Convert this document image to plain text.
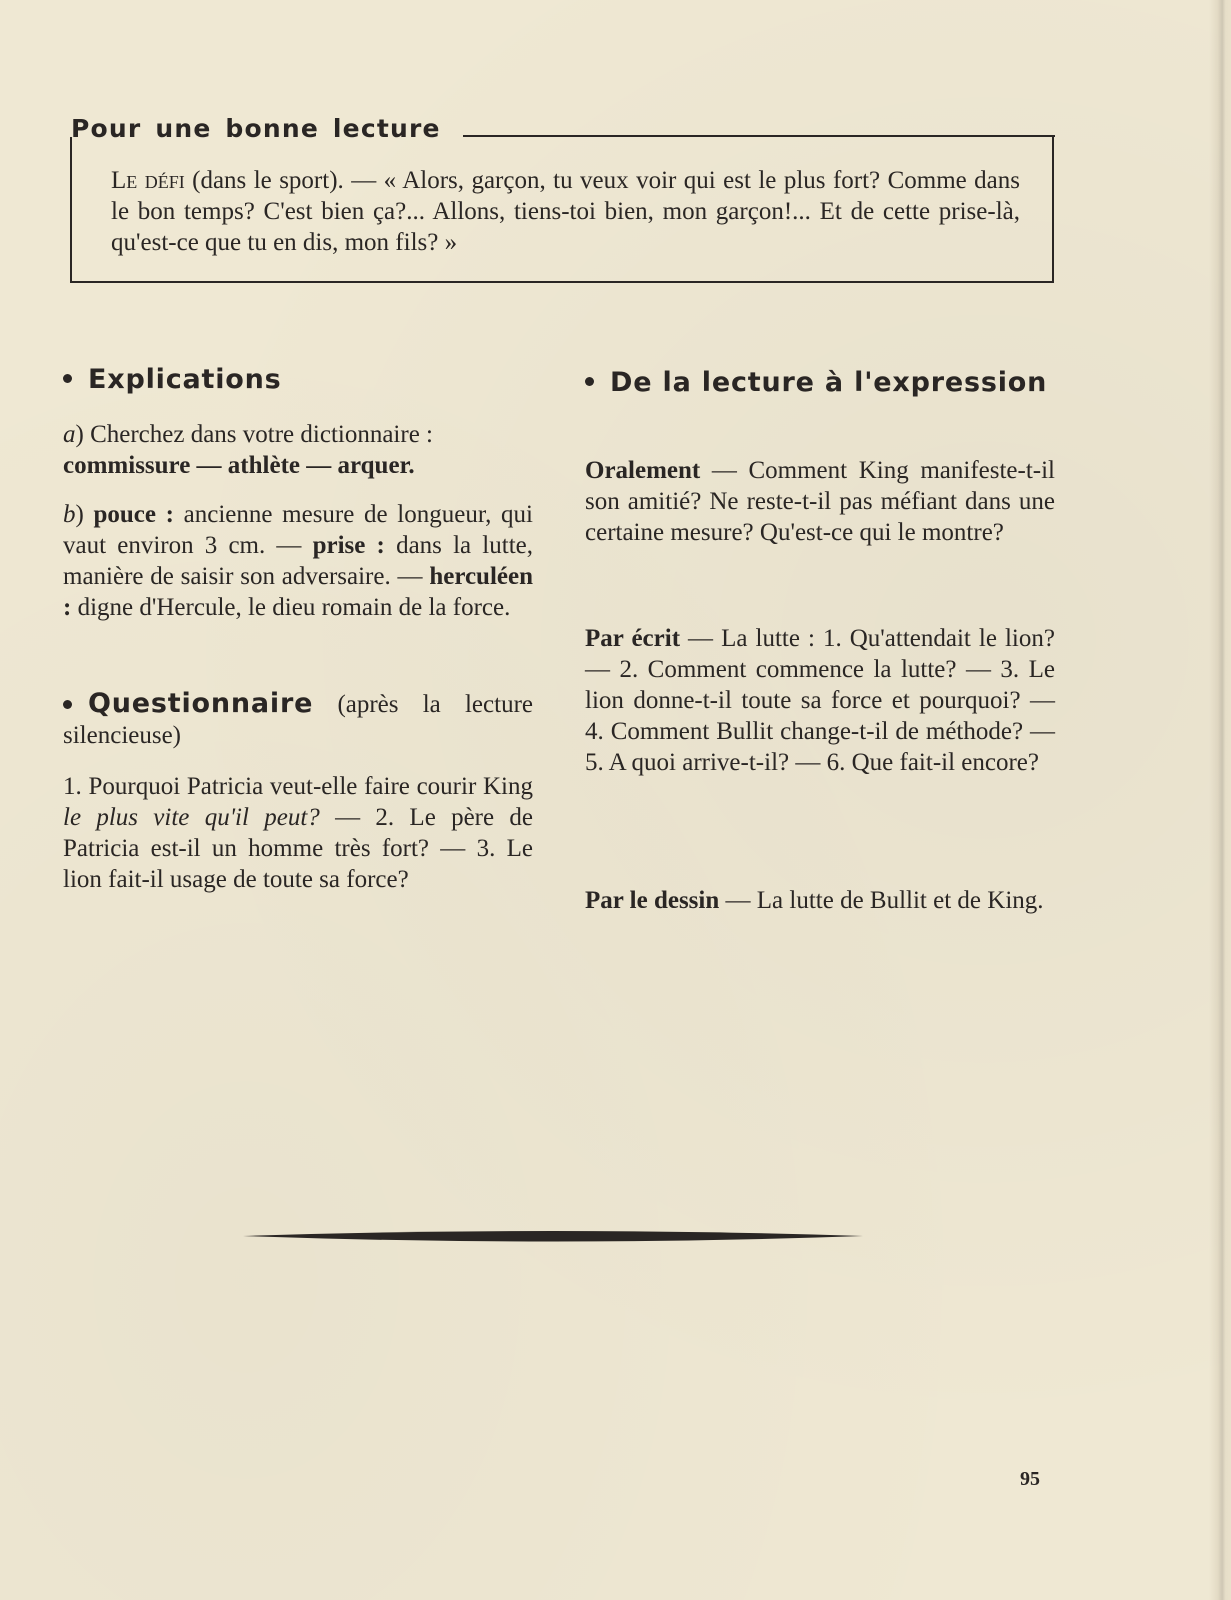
Pour une bonne lecture
Le défi (dans le sport). — « Alors, garçon, tu veux voir qui est le plus fort? Comme dans le bon temps? C'est bien ça?... Allons, tiens-toi bien, mon garçon!... Et de cette prise-là, qu'est-ce que tu en dis, mon fils? »
Explications
a) Cherchez dans votre dictionnaire :
commissure — athlète — arquer.
b) pouce : ancienne mesure de longueur, qui vaut environ 3 cm. — prise : dans la lutte, manière de saisir son adversaire. — herculéen : digne d'Hercule, le dieu romain de la force.
Questionnaire (après la lecture silencieuse)
1. Pourquoi Patricia veut-elle faire courir King le plus vite qu'il peut? — 2. Le père de Patricia est-il un homme très fort? — 3. Le lion fait-il usage de toute sa force?
De la lecture à l'expression
Oralement — Comment King manifeste-t-il son amitié? Ne reste-t-il pas méfiant dans une certaine mesure? Qu'est-ce qui le montre?
Par écrit — La lutte : 1. Qu'attendait le lion? — 2. Comment commence la lutte? — 3. Le lion donne-t-il toute sa force et pourquoi? — 4. Comment Bullit change-t-il de méthode? — 5. A quoi arrive-t-il? — 6. Que fait-il encore?
Par le dessin — La lutte de Bullit et de King.
95
